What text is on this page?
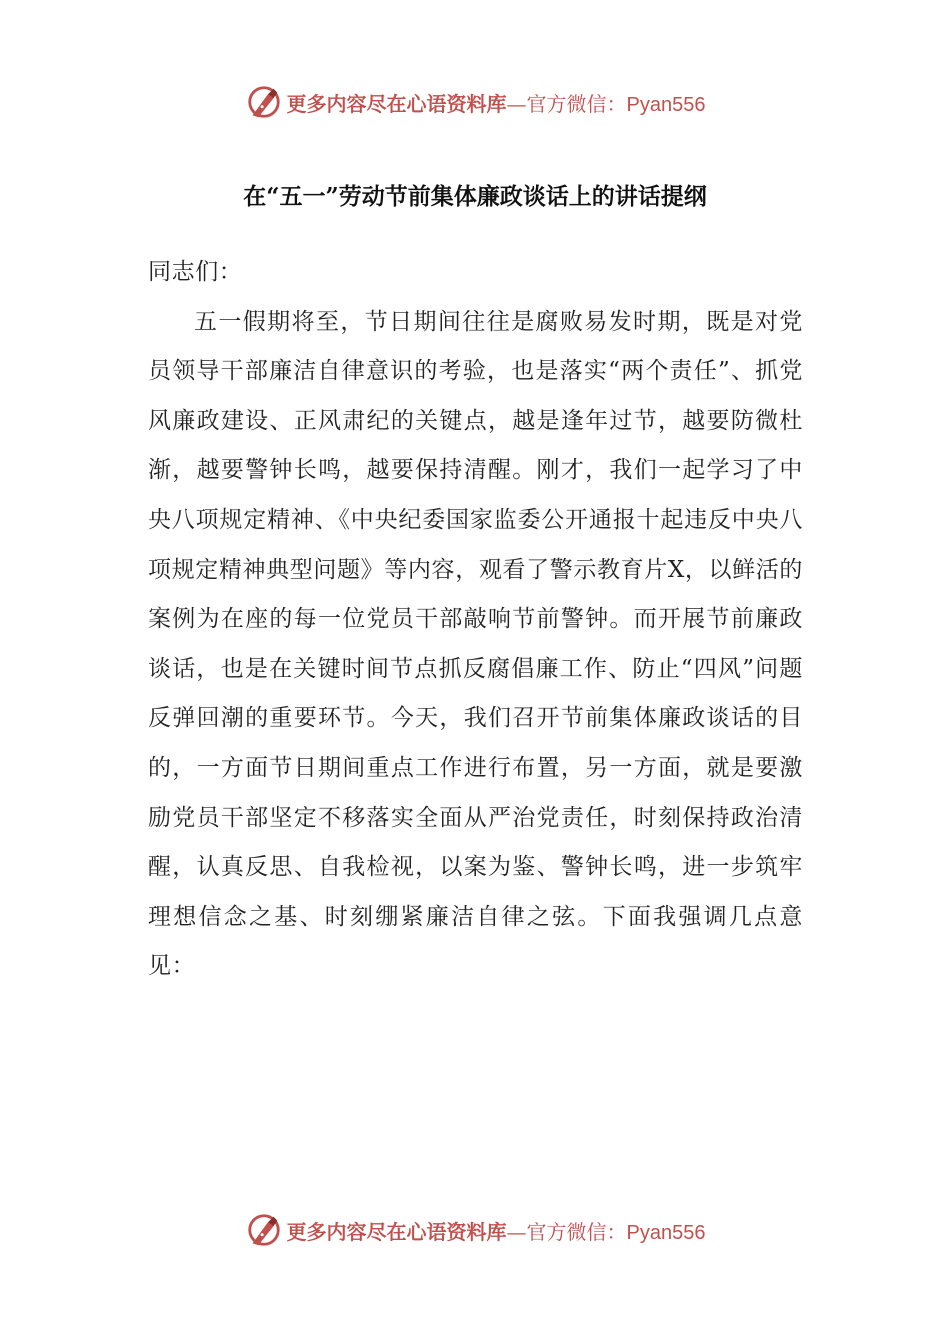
更多内容尽在心语资料库—官方微信：Pyan556
在“五一”劳动节前集体廉政谈话上的讲话提纲

同志们：

五一假期将至，节日期间往往是腐败易发时期，既是对党员领导干部廉洁自律意识的考验，也是落实“两个责任”、抓党风廉政建设、正风肃纪的关键点，越是逢年过节，越要防微杜渐，越要警钟长鸣，越要保持清醒。刚才，我们一起学习了中央八项规定精神、《中央纪委国家监委公开通报十起违反中央八项规定精神典型问题》等内容，观看了警示教育片X，以鲜活的案例为在座的每一位党员干部敲响节前警钟。而开展节前廉政谈话，也是在关键时间节点抓反腐倡廉工作、防止“四风”问题反弹回潮的重要环节。今天，我们召开节前集体廉政谈话的目的，一方面节日期间重点工作进行布置，另一方面，就是要激励党员干部坚定不移落实全面从严治党责任，时刻保持政治清醒，认真反思、自我检视，以案为鉴、警钟长鸣，进一步筑牢理想信念之基、时刻绷紧廉洁自律之弦。下面我强调几点意见：

更多内容尽在心语资料库—官方微信：Pyan556
